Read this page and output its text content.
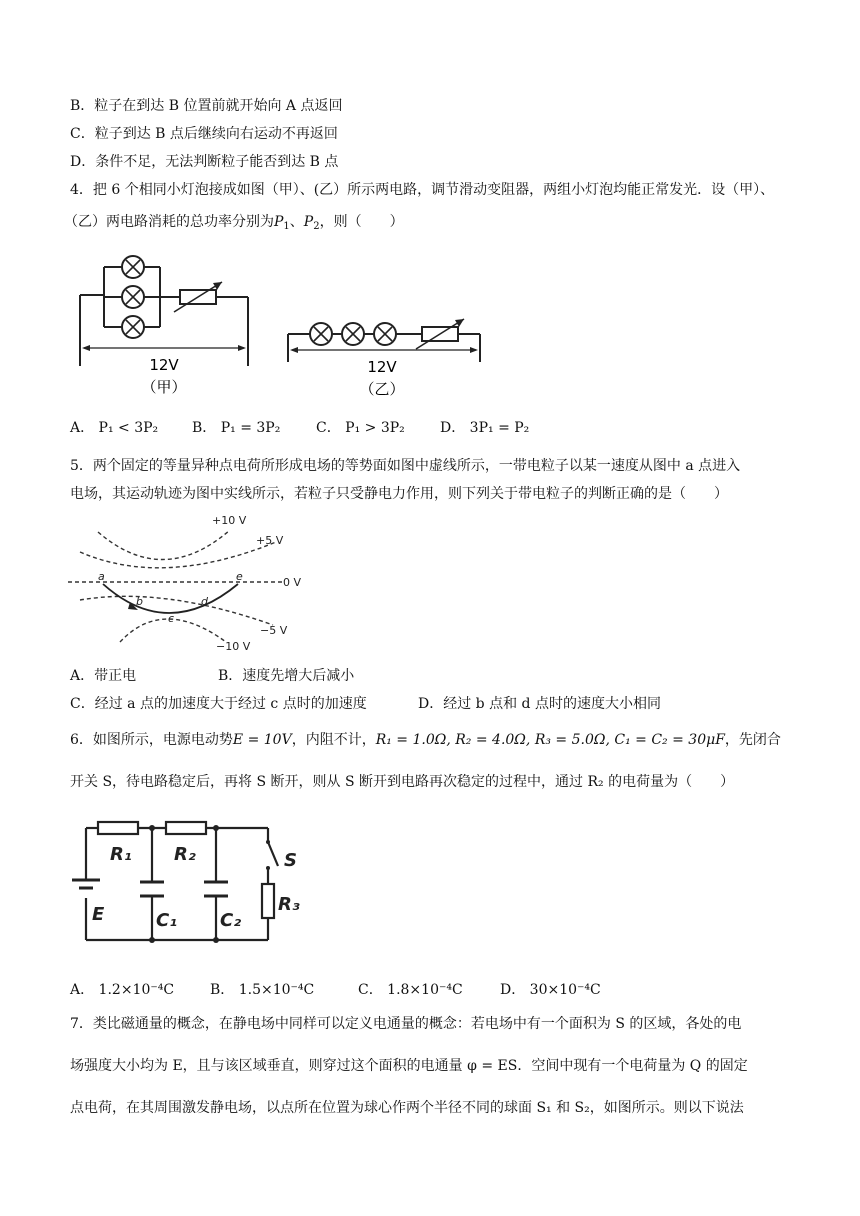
B．粒子在到达 B 位置前就开始向 A 点返回
C．粒子到达 B 点后继续向右运动不再返回
D．条件不足，无法判断粒子能否到达 B 点
4．把 6 个相同小灯泡接成如图（甲）、(乙）所示两电路，调节滑动变阻器，两组小灯泡均能正常发光．设（甲）、
（乙）两电路消耗的总功率分别为$P_1$、$P_2$，则（　　）
12V
（甲）
12V
（乙）
A． P₁ < 3P₂ B． P₁ = 3P₂	C． P₁ > 3P₂	D． 3P₁ = P₂
5．两个固定的等量异种点电荷所形成电场的等势面如图中虚线所示，一带电粒子以某一速度从图中 a 点进入
电场，其运动轨迹为图中实线所示，若粒子只受静电力作用，则下列关于带电粒子的判断正确的是（　　）
a
b
c
d
e
+10 V
+5 V
0 V
−5 V
−10 V
A．带正电	B．速度先增大后减小
C．经过 a 点的加速度大于经过 c 点时的加速度	D．经过 b 点和 d 点时的速度大小相同
6．如图所示，电源电动势E = 10V，内阻不计，R₁ = 1.0Ω, R₂ = 4.0Ω, R₃ = 5.0Ω, C₁ = C₂ = 30μF，先闭合
开关 S，待电路稳定后，再将 S 断开，则从 S 断开到电路再次稳定的过程中，通过 R₂ 的电荷量为（　　）
R₁ R₂	S
E	C₁ C₂
R₃
A． 1.2×10⁻⁴C	B． 1.5×10⁻⁴C	C． 1.8×10⁻⁴C	D． 30×10⁻⁴C
7．类比磁通量的概念，在静电场中同样可以定义电通量的概念：若电场中有一个面积为 S 的区域，各处的电
场强度大小均为 E，且与该区域垂直，则穿过这个面积的电通量 φ = ES．空间中现有一个电荷量为 Q 的固定
点电荷，在其周围激发静电场，以点所在位置为球心作两个半径不同的球面 S₁ 和 S₂，如图所示。则以下说法
